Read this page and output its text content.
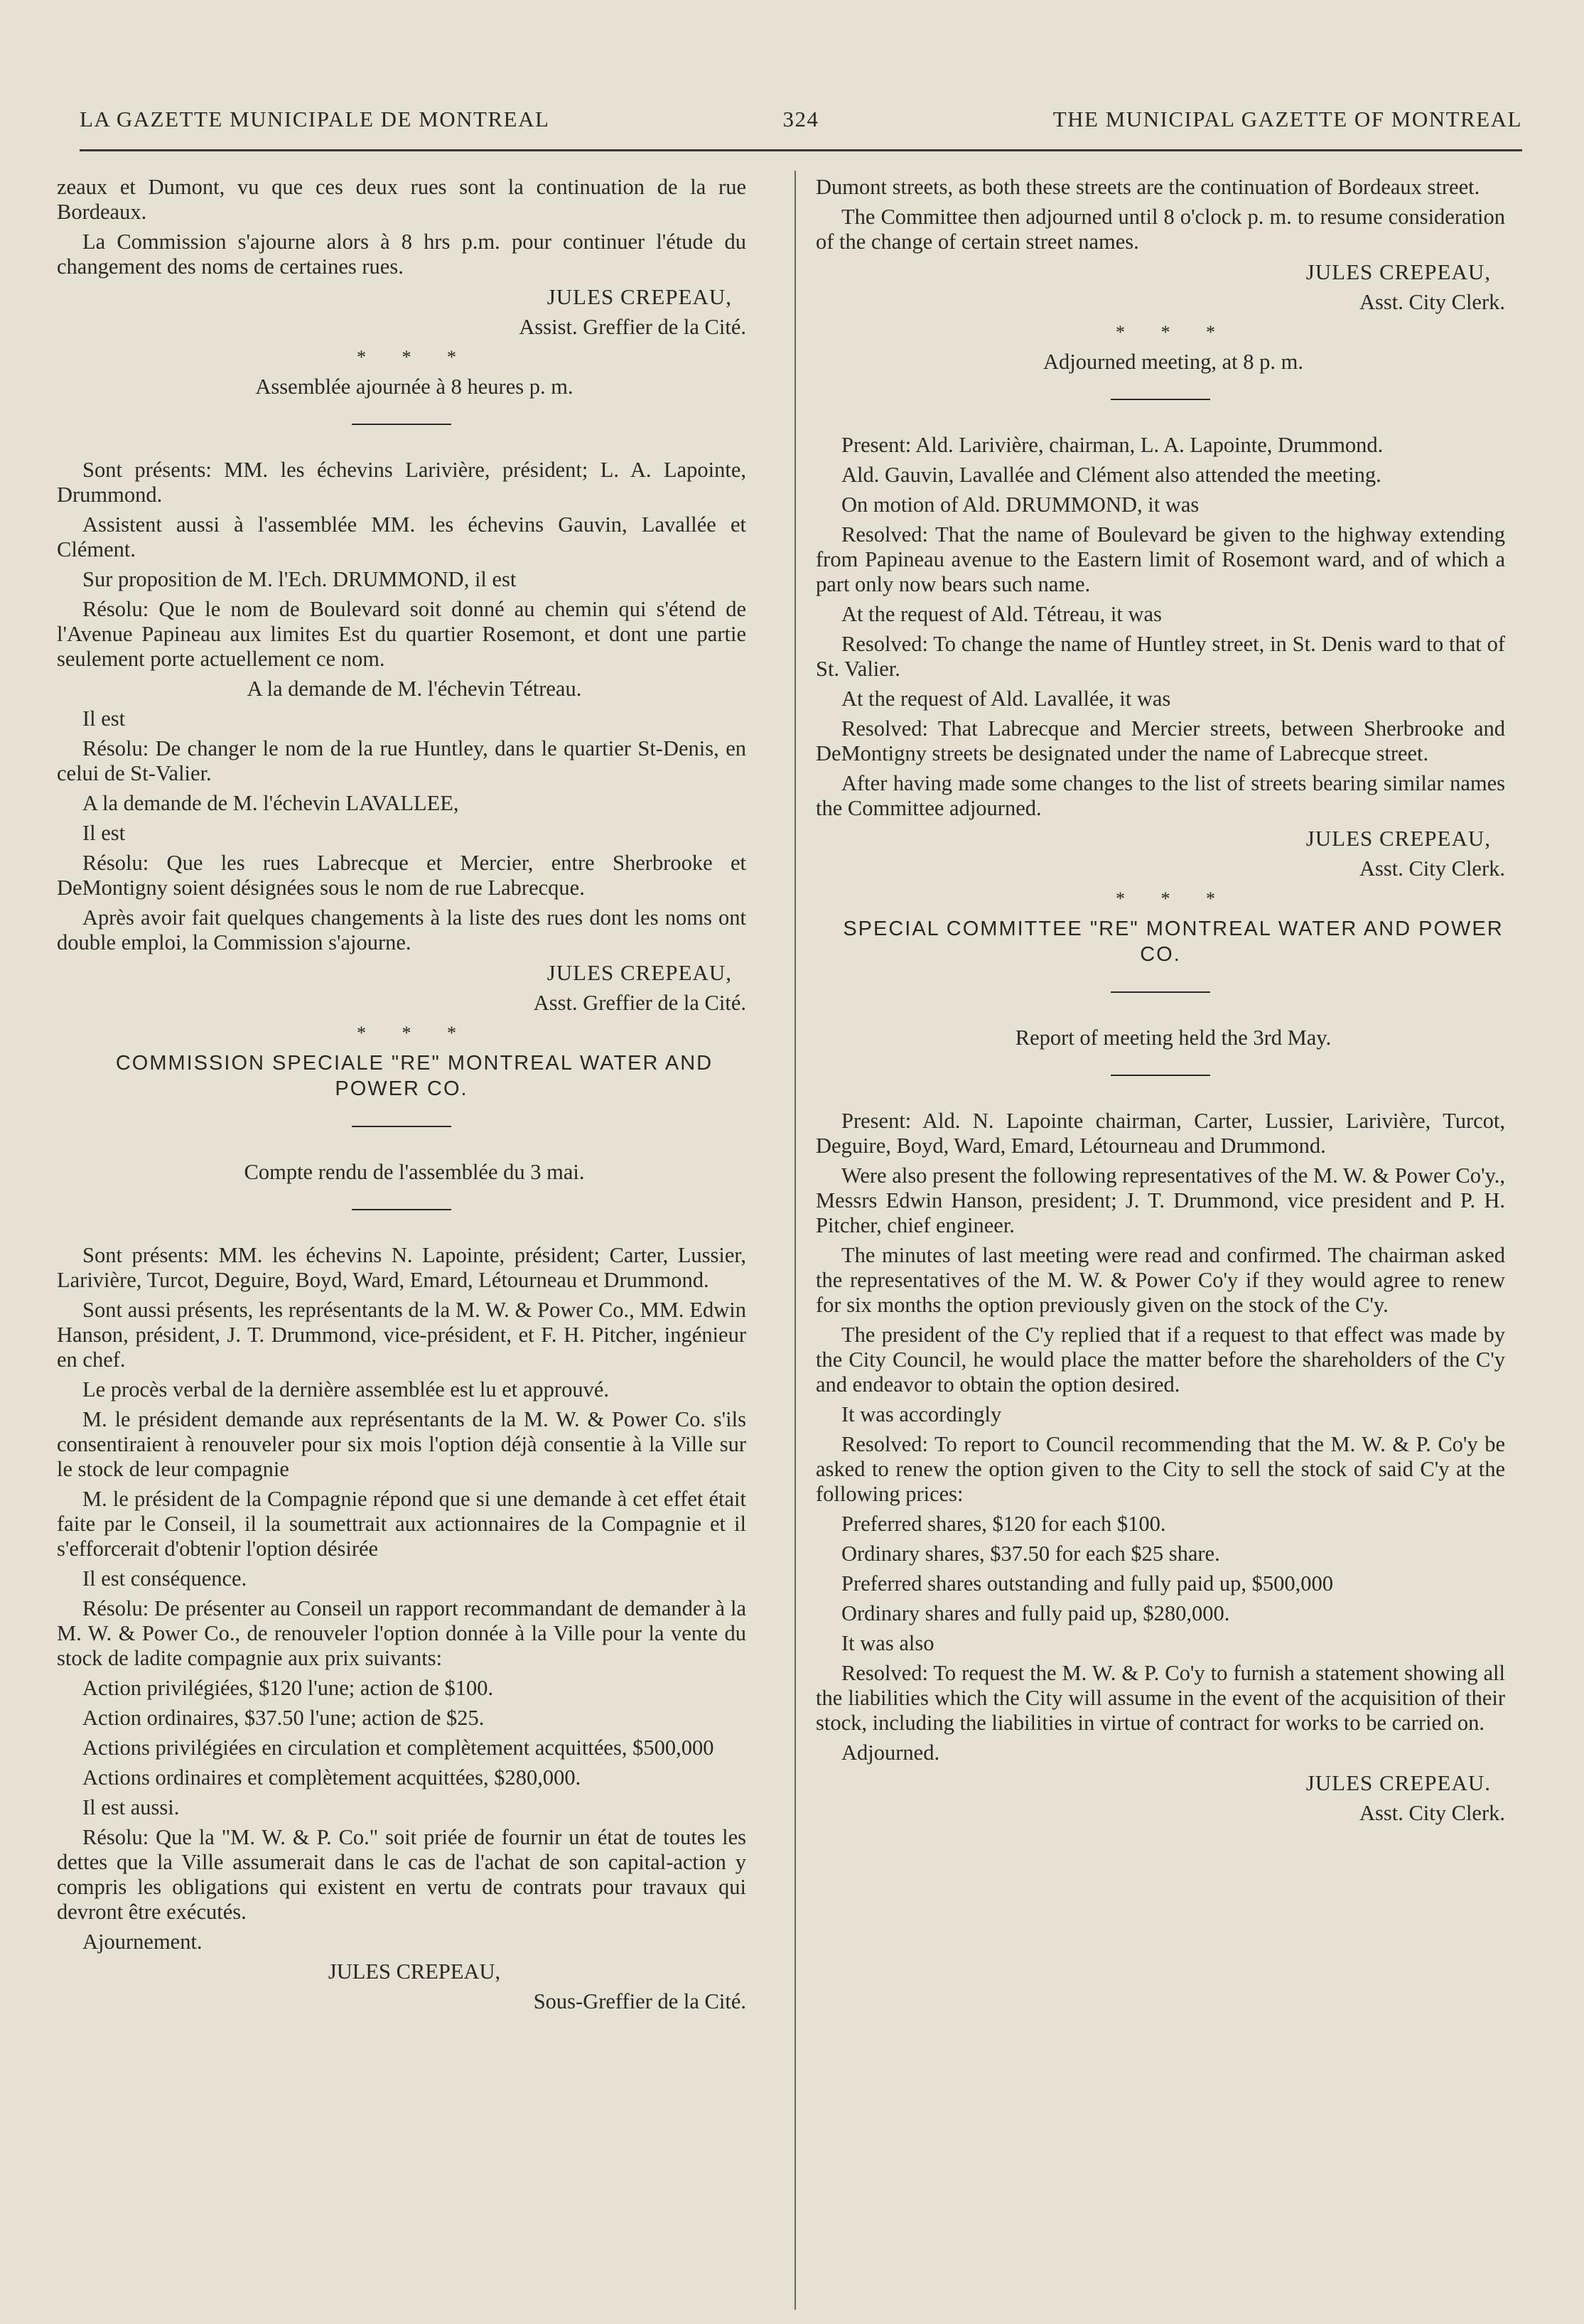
LA GAZETTE MUNICIPALE DE MONTREAL	324	THE MUNICIPAL GAZETTE OF MONTREAL

zeaux et Dumont, vu que ces deux rues sont la continuation de la rue Bordeaux.

La Commission s'ajourne alors à 8 hrs p.m. pour continuer l'étude du changement des noms de certaines rues.

JULES CREPEAU,

Assist. Greffier de la Cité.

* * *

Assemblée ajournée à 8 heures p. m.

Sont présents: MM. les échevins Larivière, président; L. A. Lapointe, Drummond.

Assistent aussi à l'assemblée MM. les échevins Gauvin, Lavallée et Clément.

Sur proposition de M. l'Ech. DRUMMOND, il est

Résolu: Que le nom de Boulevard soit donné au chemin qui s'étend de l'Avenue Papineau aux limites Est du quartier Rosemont, et dont une partie seulement porte actuellement ce nom.

A la demande de M. l'échevin Tétreau.

Il est

Résolu: De changer le nom de la rue Huntley, dans le quartier St-Denis, en celui de St-Valier.

A la demande de M. l'échevin LAVALLEE,

Il est

Résolu: Que les rues Labrecque et Mercier, entre Sherbrooke et DeMontigny soient désignées sous le nom de rue Labrecque.

Après avoir fait quelques changements à la liste des rues dont les noms ont double emploi, la Commission s'ajourne.

JULES CREPEAU,

Asst. Greffier de la Cité.

* * *

COMMISSION SPECIALE "RE" MONTREAL WATER AND POWER CO.

Compte rendu de l'assemblée du 3 mai.

Sont présents: MM. les échevins N. Lapointe, président; Carter, Lussier, Larivière, Turcot, Deguire, Boyd, Ward, Emard, Létourneau et Drummond.

Sont aussi présents, les représentants de la M. W. & Power Co., MM. Edwin Hanson, président, J. T. Drummond, vice-président, et F. H. Pitcher, ingénieur en chef.

Le procès verbal de la dernière assemblée est lu et approuvé.

M. le président demande aux représentants de la M. W. & Power Co. s'ils consentiraient à renouveler pour six mois l'option déjà consentie à la Ville sur le stock de leur compagnie

M. le président de la Compagnie répond que si une demande à cet effet était faite par le Conseil, il la soumettrait aux actionnaires de la Compagnie et il s'efforcerait d'obtenir l'option désirée

Il est conséquence.

Résolu: De présenter au Conseil un rapport recommandant de demander à la M. W. & Power Co., de renouveler l'option donnée à la Ville pour la vente du stock de ladite compagnie aux prix suivants:

Action privilégiées, $120 l'une; action de $100.

Action ordinaires, $37.50 l'une; action de $25.

Actions privilégiées en circulation et complètement acquittées, $500,000

Actions ordinaires et complètement acquittées, $280,000.

Il est aussi.

Résolu: Que la "M. W. & P. Co." soit priée de fournir un état de toutes les dettes que la Ville assumerait dans le cas de l'achat de son capital-action y compris les obligations qui existent en vertu de contrats pour travaux qui devront être exécutés.

Ajournement.

JULES CREPEAU,

Sous-Greffier de la Cité.

Dumont streets, as both these streets are the continuation of Bordeaux street.

The Committee then adjourned until 8 o'clock p. m. to resume consideration of the change of certain street names.

JULES CREPEAU,

Asst. City Clerk.

* * *

Adjourned meeting, at 8 p. m.

Present: Ald. Larivière, chairman, L. A. Lapointe, Drummond.

Ald. Gauvin, Lavallée and Clément also attended the meeting.

On motion of Ald. DRUMMOND, it was

Resolved: That the name of Boulevard be given to the highway extending from Papineau avenue to the Eastern limit of Rosemont ward, and of which a part only now bears such name.

At the request of Ald. Tétreau, it was

Resolved: To change the name of Huntley street, in St. Denis ward to that of St. Valier.

At the request of Ald. Lavallée, it was

Resolved: That Labrecque and Mercier streets, between Sherbrooke and DeMontigny streets be designated under the name of Labrecque street.

After having made some changes to the list of streets bearing similar names the Committee adjourned.

JULES CREPEAU,

Asst. City Clerk.

* * *

SPECIAL COMMITTEE "RE" MONTREAL WATER AND POWER CO.

Report of meeting held the 3rd May.

Present: Ald. N. Lapointe chairman, Carter, Lussier, Larivière, Turcot, Deguire, Boyd, Ward, Emard, Létourneau and Drummond.

Were also present the following representatives of the M. W. & Power Co'y., Messrs Edwin Hanson, president; J. T. Drummond, vice president and P. H. Pitcher, chief engineer.

The minutes of last meeting were read and confirmed. The chairman asked the representatives of the M. W. & Power Co'y if they would agree to renew for six months the option previously given on the stock of the C'y.

The president of the C'y replied that if a request to that effect was made by the City Council, he would place the matter before the shareholders of the C'y and endeavor to obtain the option desired.

It was accordingly

Resolved: To report to Council recommending that the M. W. & P. Co'y be asked to renew the option given to the City to sell the stock of said C'y at the following prices:

Preferred shares, $120 for each $100.

Ordinary shares, $37.50 for each $25 share.

Preferred shares outstanding and fully paid up, $500,000

Ordinary shares and fully paid up, $280,000.

It was also

Resolved: To request the M. W. & P. Co'y to furnish a statement showing all the liabilities which the City will assume in the event of the acquisition of their stock, including the liabilities in virtue of contract for works to be carried on.

Adjourned.

JULES CREPEAU.

Asst. City Clerk.
